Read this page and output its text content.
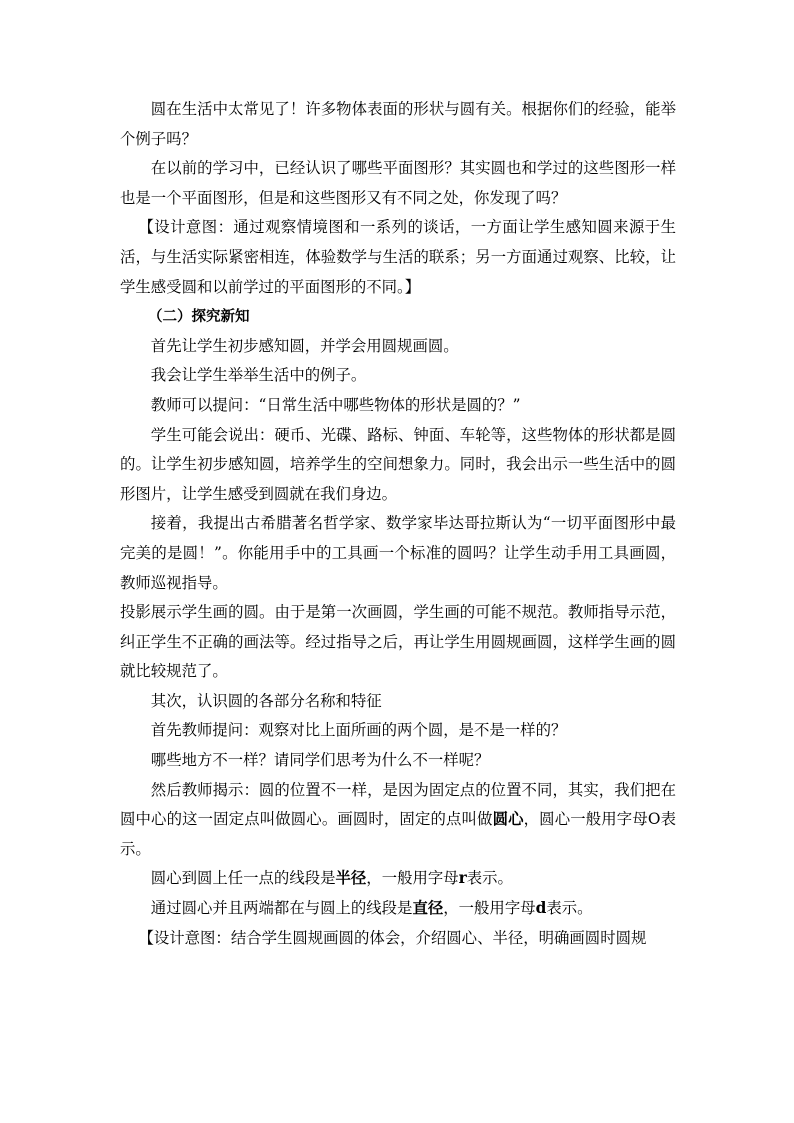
圆在生活中太常见了！许多物体表面的形状与圆有关。根据你们的经验，能举个例子吗？

在以前的学习中，已经认识了哪些平面图形？其实圆也和学过的这些图形一样也是一个平面图形，但是和这些图形又有不同之处，你发现了吗？

【设计意图：通过观察情境图和一系列的谈话，一方面让学生感知圆来源于生活，与生活实际紧密相连，体验数学与生活的联系；另一方面通过观察、比较，让学生感受圆和以前学过的平面图形的不同。】

（二）探究新知

首先让学生初步感知圆，并学会用圆规画圆。

我会让学生举举生活中的例子。

教师可以提问：“日常生活中哪些物体的形状是圆的？”

学生可能会说出：硬币、光碟、路标、钟面、车轮等，这些物体的形状都是圆的。让学生初步感知圆，培养学生的空间想象力。同时，我会出示一些生活中的圆形图片，让学生感受到圆就在我们身边。

接着，我提出古希腊著名哲学家、数学家毕达哥拉斯认为“一切平面图形中最完美的是圆！”。你能用手中的工具画一个标准的圆吗？让学生动手用工具画圆，教师巡视指导。

投影展示学生画的圆。由于是第一次画圆，学生画的可能不规范。教师指导示范，纠正学生不正确的画法等。经过指导之后，再让学生用圆规画圆，这样学生画的圆就比较规范了。

其次，认识圆的各部分名称和特征

首先教师提问：观察对比上面所画的两个圆，是不是一样的？

哪些地方不一样？请同学们思考为什么不一样呢？

然后教师揭示：圆的位置不一样，是因为固定点的位置不同，其实，我们把在圆中心的这一固定点叫做圆心。画圆时，固定的点叫做圆心，圆心一般用字母O表示。

圆心到圆上任一点的线段是半径，一般用字母r表示。

通过圆心并且两端都在与圆上的线段是直径，一般用字母d表示。

【设计意图：结合学生圆规画圆的体会，介绍圆心、半径，明确画圆时圆规
